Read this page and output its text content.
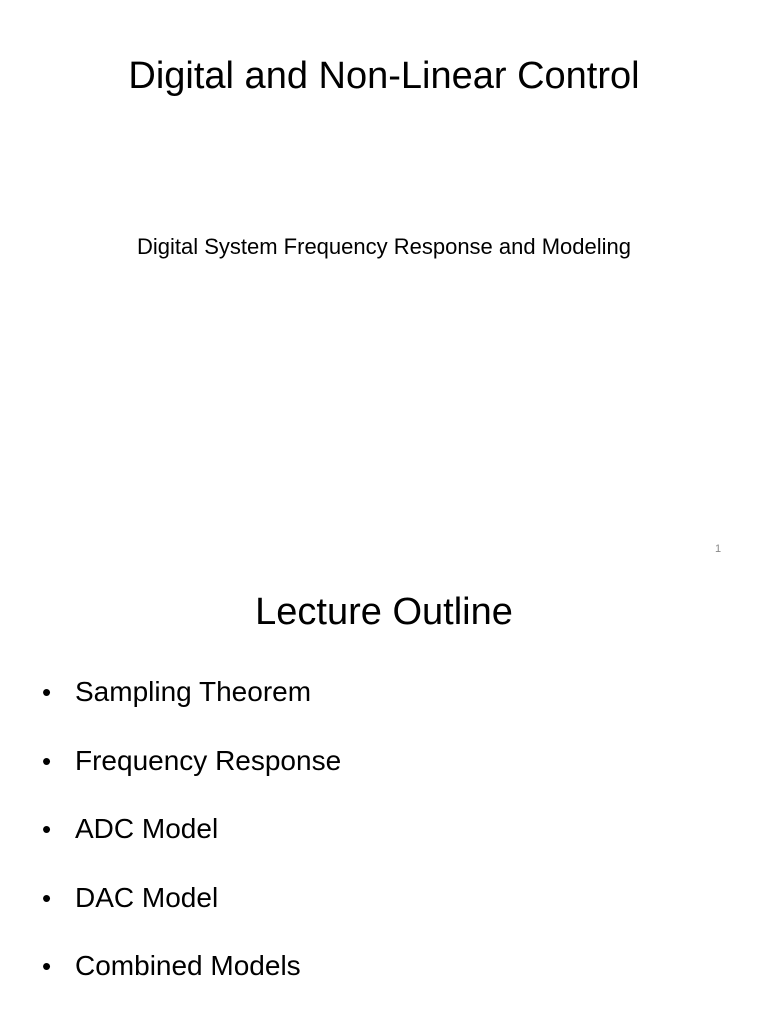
Digital and Non-Linear Control

Digital System Frequency Response and Modeling

1
Lecture Outline
• Sampling Theorem
• Frequency Response
• ADC Model
• DAC Model
• Combined Models
